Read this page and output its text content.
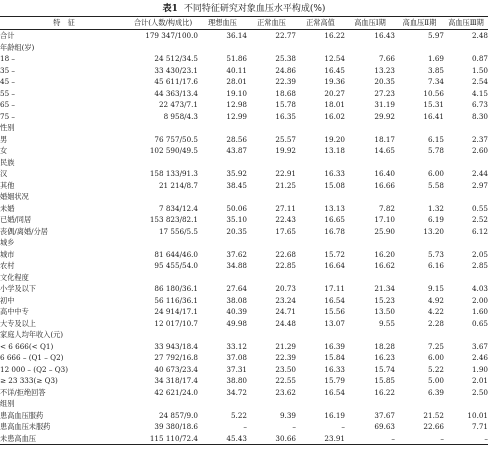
表1 不同特征研究对象血压水平构成(%)
特　征	合计(人数/构成比)	理想血压	正常血压	正常高值	高血压Ⅰ期	高血压Ⅱ期	高血压Ⅲ期
合计	179 347/100.0	36.14	22.77	16.22	16.43	5.97	2.48
年龄组(岁)							
18 –	24 512/34.5	51.86	25.38	12.54	7.66	1.69	0.87
35 –	33 430/23.1	40.11	24.86	16.45	13.23	3.85	1.50
45 –	45 611/17.6	28.01	22.39	19.36	20.35	7.34	2.54
55 –	44 363/13.4	19.10	18.68	20.27	27.23	10.56	4.15
65 –	22 473/7.1	12.98	15.78	18.01	31.19	15.31	6.73
75 –	8 958/4.3	12.99	16.35	16.02	29.92	16.41	8.30
性别							
男	76 757/50.5	28.56	25.57	19.20	18.17	6.15	2.37
女	102 590/49.5	43.87	19.92	13.18	14.65	5.78	2.60
民族							
汉	158 133/91.3	35.92	22.91	16.33	16.40	6.00	2.44
其他	21 214/8.7	38.45	21.25	15.08	16.66	5.58	2.97
婚姻状况							
未婚	7 834/12.4	50.06	27.11	13.13	7.82	1.32	0.55
已婚/同居	153 823/82.1	35.10	22.43	16.65	17.10	6.19	2.52
丧偶/离婚/分居	17 556/5.5	20.35	17.65	16.78	25.90	13.20	6.12
城乡							
城市	81 644/46.0	37.62	22.68	15.72	16.20	5.73	2.05
农村	95 455/54.0	34.88	22.85	16.64	16.62	6.16	2.85
文化程度							
小学及以下	86 180/36.1	27.64	20.73	17.11	21.34	9.15	4.03
初中	56 116/36.1	38.08	23.24	16.54	15.23	4.92	2.00
高中中专	24 914/17.1	40.39	24.71	15.56	13.50	4.22	1.60
大专及以上	12 017/10.7	49.98	24.48	13.07	9.55	2.28	0.65
家庭人均年收入(元)							
< 6 666(< Q1)	33 943/18.4	33.12	21.29	16.39	18.28	7.25	3.67
6 666 – (Q1 – Q2)	27 792/16.8	37.08	22.39	15.84	16.23	6.00	2.46
12 000 – (Q2 – Q3)	40 673/23.4	37.31	23.50	16.33	15.74	5.22	1.90
≥ 23 333(≥ Q3)	34 318/17.4	38.80	22.55	15.79	15.85	5.00	2.01
不详/拒绝回答	42 621/24.0	34.72	23.62	16.54	16.22	6.39	2.50
组别							
患高血压服药	24 857/9.0	5.22	9.39	16.19	37.67	21.52	10.01
患高血压未服药	39 380/18.6	–	–	–	69.63	22.66	7.71
未患高血压	115 110/72.4	45.43	30.66	23.91	–	–	–
